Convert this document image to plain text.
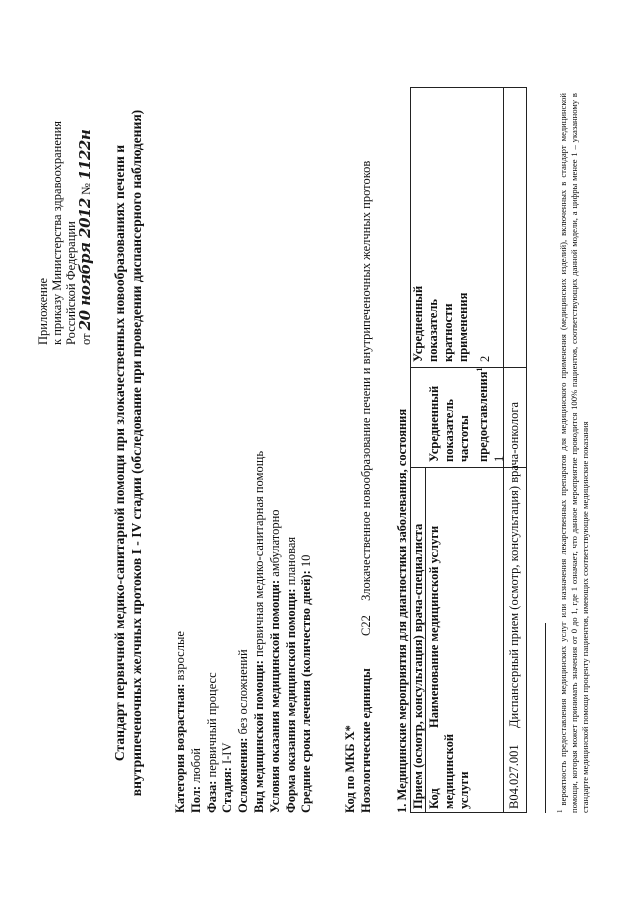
Приложение к приказу Министерства здравоохранения Российской Федерации от 20 ноября 2012 № 1122н Стандарт первичной медико-санитарной помощи при злокачественных новообразованиях печени и внутрипеченочных желчных протоков I - IV стадии (обследование при проведении диспансерного наблюдения) Категория возрастная: взрослые
Пол: любой
Фаза: первичный процесс
Стадия: I-IV Осложнения: без осложнений Вид медицинской помощи: первичная медико-санитарная помощь
Условия оказания медицинской помощи: амбулаторно
Форма оказания медицинской помощи: плановая
Средние сроки лечения (количество дней): 10
Код по МКБ Х* Нозологические единицы  C22  Злокачественное новообразование печени и внутрипеченочных желчных протоков
1. Медицинские мероприятия для диагностики заболевания, состояния Прием (осмотр, консультация) врача-специалиста Код медицинской услуги
Наименование медицинской услуги
Усредненный показатель частоты предоставления$^1$
Усредненный показатель кратности применения
B04.027.001
Диспансерный прием (осмотр, консультация) врача-онколога
1
2
$^1$ вероятность предоставления медицинских услуг или назначения лекарственных препаратов для медицинского применения (медицинских изделий), включенных в стандарт медицинской помощи, которая может принимать значения от 0 до 1, где 1 означает, что данное мероприятие проводится 100% пациентов, соответствующих данной модели, а цифры менее 1 – указанному в стандарте медицинской помощи проценту пациентов, имеющих соответствующие медицинские показания
